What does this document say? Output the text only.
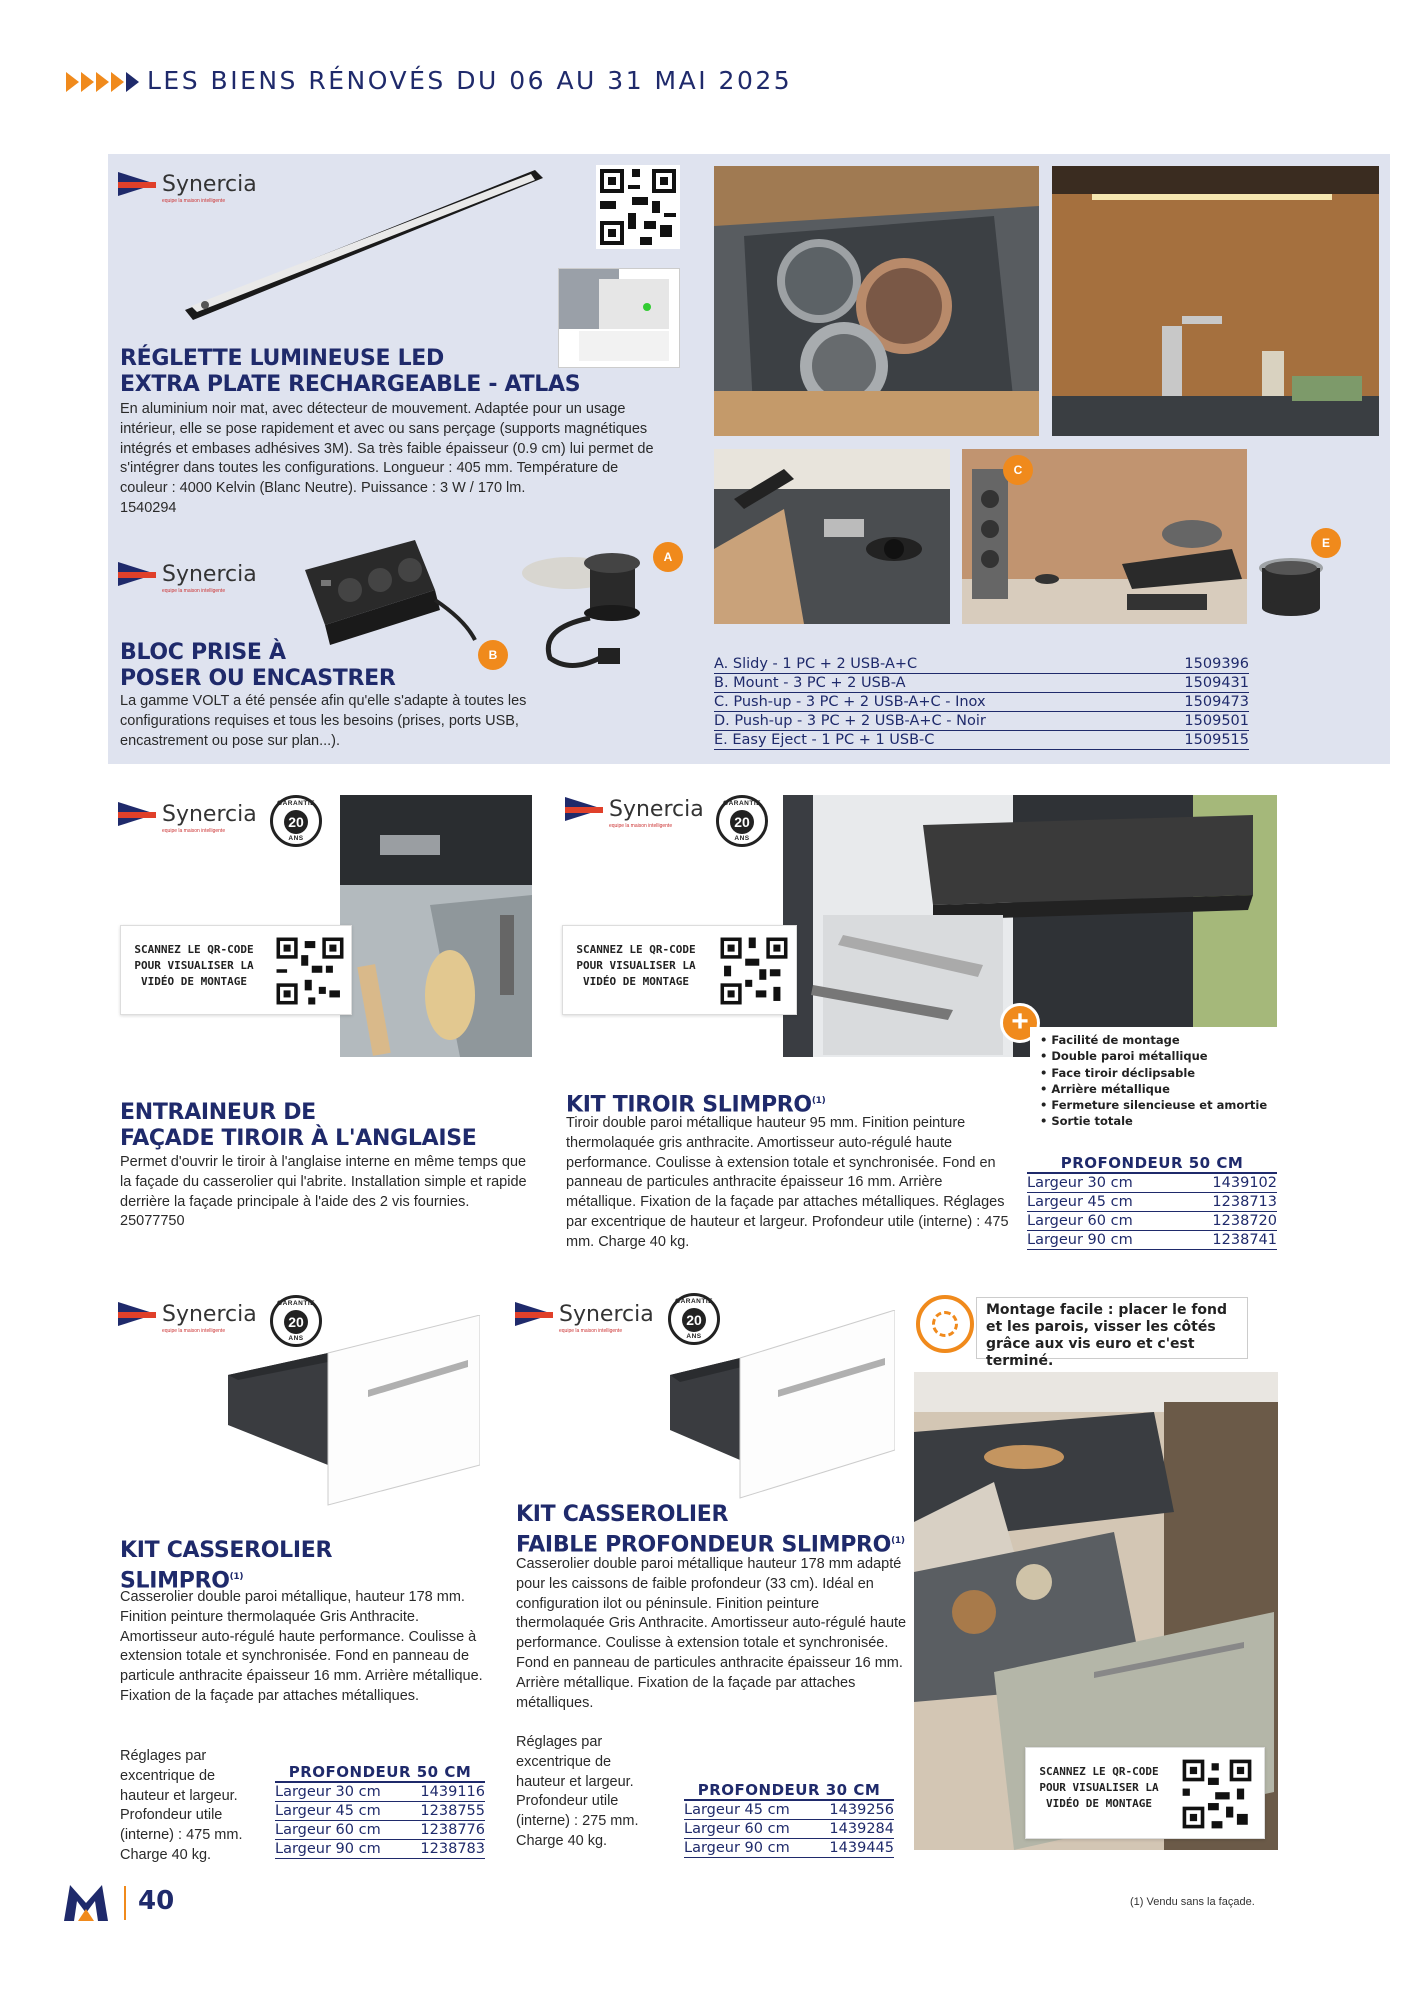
LES BIENS RÉNOVÉS DU 06 AU 31 MAI 2025
Synercia
equipe la maison intelligente
C
E
RÉGLETTE LUMINEUSE LED
EXTRA PLATE RECHARGEABLE - ATLAS
En aluminium noir mat, avec détecteur de mouvement. Adaptée pour un usage intérieur, elle se pose rapidement et avec ou sans perçage (supports magnétiques intégrés et embases adhésives 3M). Sa très faible épaisseur (0.9 cm) lui permet de s'intégrer dans toutes les configurations. Longueur : 405 mm. Température de couleur : 4000 Kelvin (Blanc Neutre). Puissance : 3 W / 170 lm.
1540294
Synercia
equipe la maison intelligente
B
A
BLOC PRISE À
POSER OU ENCASTRER
La gamme VOLT a été pensée afin qu'elle s'adapte à toutes les configurations requises et tous les besoins (prises, ports USB, encastrement ou pose sur plan...).
A. Slidy - 1 PC + 2 USB-A+C	1509396
B. Mount - 3 PC + 2 USB-A	1509431
C. Push-up - 3 PC + 2 USB-A+C - Inox	1509473
D. Push-up - 3 PC + 2 USB-A+C - Noir	1509501
E. Easy Eject - 1 PC + 1 USB-C	1509515
Synercia
equipe la maison intelligente
GARANTIE
20
ANS
SCANNEZ LE QR-CODE POUR VISUALISER LA VIDÉO DE MONTAGE
ENTRAINEUR DE
FAÇADE TIROIR À L'ANGLAISE
Permet d'ouvrir le tiroir à l'anglaise interne en même temps que la façade du casserolier qui l'abrite. Installation simple et rapide derrière la façade principale à l'aide des 2 vis fournies.
25077750
Synercia
equipe la maison intelligente
GARANTIE
20
ANS
SCANNEZ LE QR-CODE POUR VISUALISER LA VIDÉO DE MONTAGE
+
• Facilité de montage
• Double paroi métallique
• Face tiroir déclipsable
• Arrière métallique
• Fermeture silencieuse et amortie
• Sortie totale
KIT TIROIR SLIMPRO$^{(1)}$
Tiroir double paroi métallique hauteur 95 mm. Finition peinture thermolaquée gris anthracite. Amortisseur auto-régulé haute performance. Coulisse à extension totale et synchronisée. Fond en panneau de particules anthracite épaisseur 16 mm. Arrière métallique. Fixation de la façade par attaches métalliques. Réglages par excentrique de hauteur et largeur. Profondeur utile (interne) : 475 mm. Charge 40 kg.
PROFONDEUR 50 CM
Largeur 30 cm	1439102
Largeur 45 cm	1238713
Largeur 60 cm	1238720
Largeur 90 cm	1238741
Synercia
equipe la maison intelligente
GARANTIE
20
ANS
KIT CASSEROLIER
SLIMPRO$^{(1)}$
Casserolier double paroi métallique, hauteur 178 mm. Finition peinture thermolaquée Gris Anthracite. Amortisseur auto-régulé haute performance. Coulisse à extension totale et synchronisée. Fond en panneau de particule anthracite épaisseur 16 mm. Arrière métallique. Fixation de la façade par attaches métalliques.
Réglages par excentrique de hauteur et largeur. Profondeur utile (interne) : 475 mm. Charge 40 kg.
PROFONDEUR 50 CM
Largeur 30 cm	1439116
Largeur 45 cm	1238755
Largeur 60 cm	1238776
Largeur 90 cm	1238783
Synercia
equipe la maison intelligente
GARANTIE
20
ANS
KIT CASSEROLIER
FAIBLE PROFONDEUR SLIMPRO$^{(1)}$
Casserolier double paroi métallique hauteur 178 mm adapté pour les caissons de faible profondeur (33 cm). Idéal en configuration ilot ou péninsule. Finition peinture thermolaquée Gris Anthracite. Amortisseur auto-régulé haute performance. Coulisse à extension totale et synchronisée. Fond en panneau de particules anthracite épaisseur 16 mm. Arrière métallique. Fixation de la façade par attaches métalliques.
Réglages par excentrique de hauteur et largeur. Profondeur utile (interne) : 275 mm. Charge 40 kg.
PROFONDEUR 30 CM
Largeur 45 cm	1439256
Largeur 60 cm	1439284
Largeur 90 cm	1439445
Montage facile : placer le fond et les parois, visser les côtés grâce aux vis euro et c'est terminé.
SCANNEZ LE QR-CODE POUR VISUALISER LA VIDÉO DE MONTAGE
40	(1) Vendu sans la façade.
